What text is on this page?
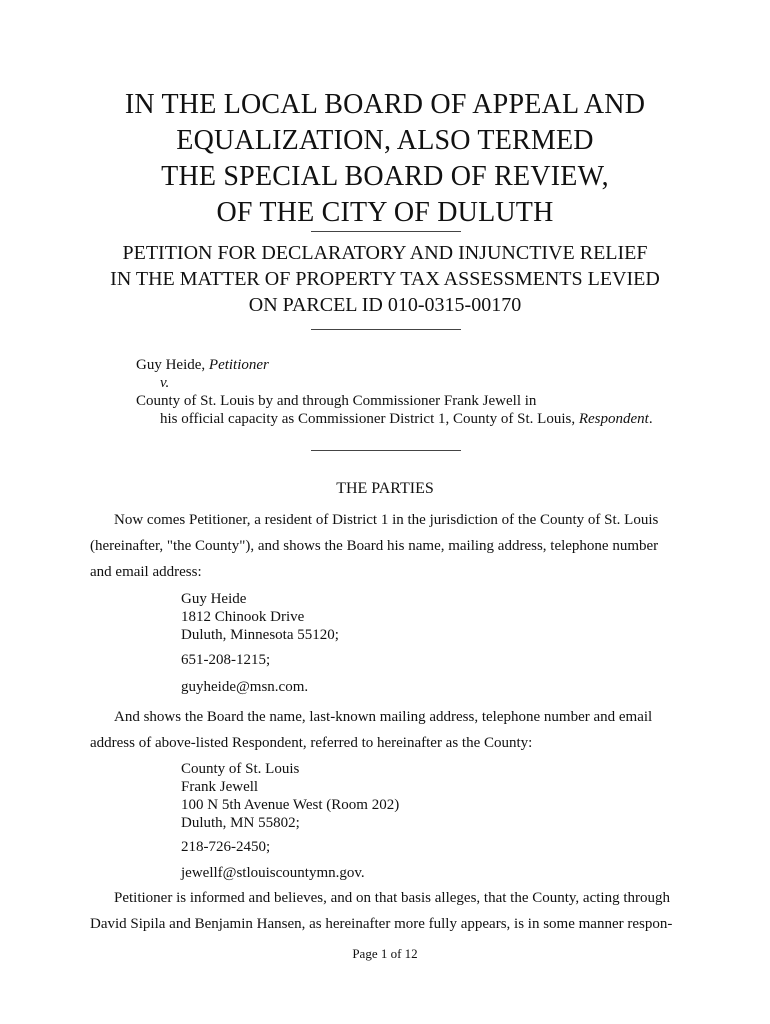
IN THE LOCAL BOARD OF APPEAL AND
EQUALIZATION, ALSO TERMED
THE SPECIAL BOARD OF REVIEW,
OF THE CITY OF DULUTH
PETITION FOR DECLARATORY AND INJUNCTIVE RELIEF
IN THE MATTER OF PROPERTY TAX ASSESSMENTS LEVIED
ON PARCEL ID 010-0315-00170
Guy Heide, Petitioner
v.
County of St. Louis by and through Commissioner Frank Jewell in
his official capacity as Commissioner District 1, County of St. Louis, Respondent.
THE PARTIES
Now comes Petitioner, a resident of District 1 in the jurisdiction of the County of St. Louis
(hereinafter, "the County"), and shows the Board his name, mailing address, telephone number
and email address:
Guy Heide
1812 Chinook Drive
Duluth, Minnesota 55120;
651-208-1215;
guyheide@msn.com.
And shows the Board the name, last-known mailing address, telephone number and email
address of above-listed Respondent, referred to hereinafter as the County:
County of St. Louis
Frank Jewell
100 N 5th Avenue West (Room 202)
Duluth, MN 55802;
218-726-2450;
jewellf@stlouiscountymn.gov.
Petitioner is informed and believes, and on that basis alleges, that the County, acting through
David Sipila and Benjamin Hansen, as hereinafter more fully appears, is in some manner respon-
Page 1 of 12
